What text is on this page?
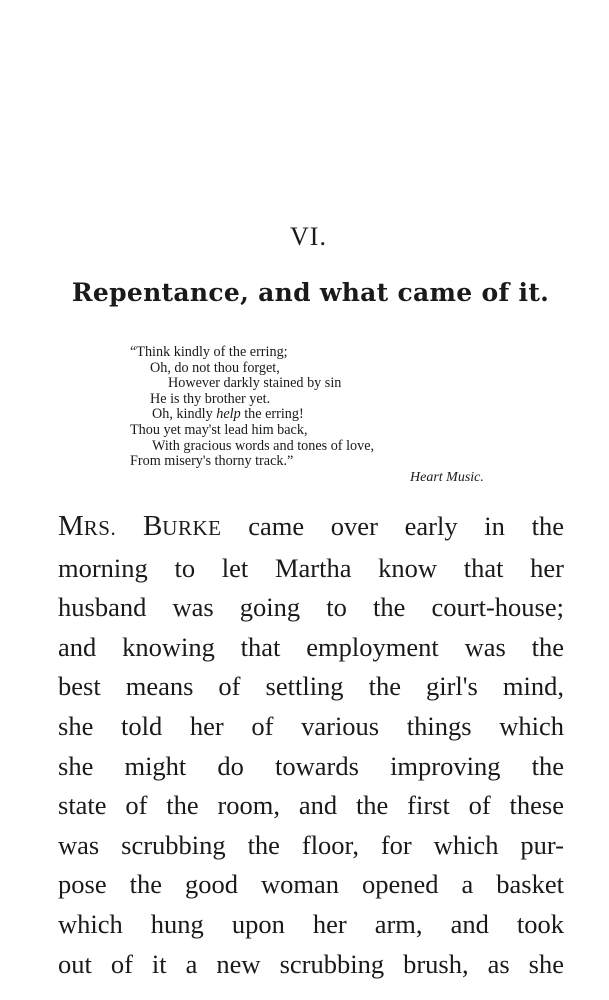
VI.
Repentance, and what came of it.
“Think kindly of the erring;
Oh, do not thou forget,
However darkly stained by sin
He is thy brother yet.
Oh, kindly help the erring!
Thou yet may'st lead him back,
With gracious words and tones of love,
From misery's thorny track.”
Heart Music.
MRS. BURKE came over early in the
morning to let Martha know that her
husband was going to the court-house;
and knowing that employment was the
best means of settling the girl's mind,
she told her of various things which
she might do towards improving the
state of the room, and the first of these
was scrubbing the floor, for which pur-
pose the good woman opened a basket
which hung upon her arm, and took
out of it a new scrubbing brush, as she
